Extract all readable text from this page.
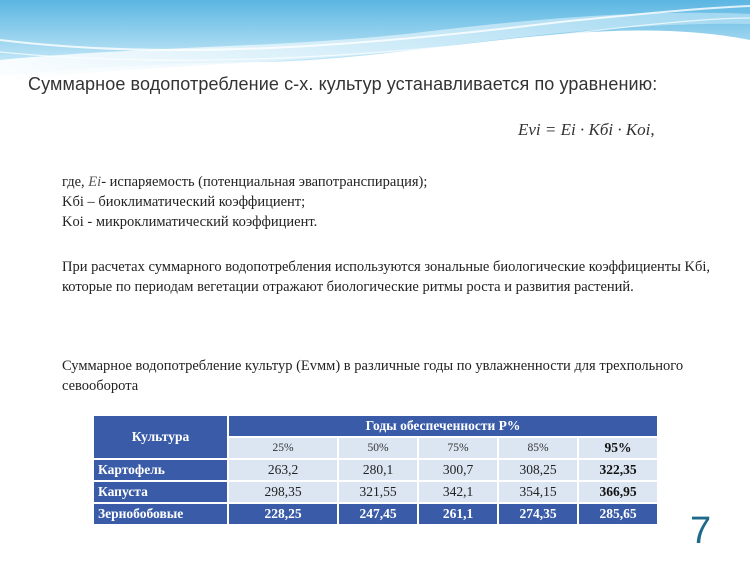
Суммарное водопотребление с-х. культур устанавливается по уравнению:
Evi = Ei · Kбi · Koi,
где, Ei- испаряемость (потенциальная эвапотранспирация);
Kбi – биоклиматический коэффициент;
Koi - микроклиматический коэффициент.
При расчетах суммарного водопотребления используются зональные биологические коэффициенты Kбi, которые по периодам вегетации отражают биологические ритмы роста и развития растений.
Суммарное водопотребление культур (Evмм) в различные годы по увлажненности для трехпольного севооборота
Культура	Годы обеспеченности P%				
	25%	50%	75%	85%	95%
Картофель	263,2	280,1	300,7	308,25	322,35
Капуста	298,35	321,55	342,1	354,15	366,95
Зернобобовые	228,25	247,45	261,1	274,35	285,65 7
